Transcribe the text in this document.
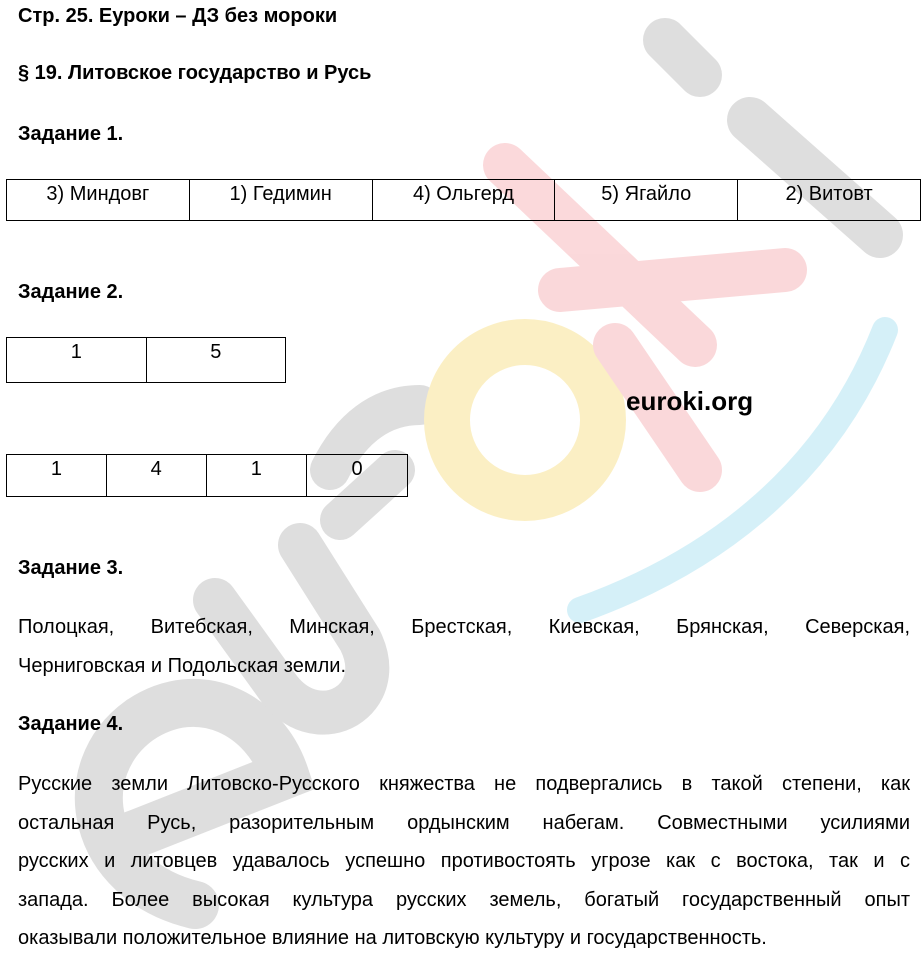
euroki.org
Стр. 25. Еуроки – ДЗ без мороки
§ 19. Литовское государство и Русь
Задание 1.
3) Миндовг	1) Гедимин	4) Ольгерд	5) Ягайло	2) Витовт
Задание 2.
1	5
1	4	1	0
Задание 3.
Полоцкая, Витебская, Минская, Брестская, Киевская, Брянская, Северская,
Черниговская и Подольская земли.
Задание 4.
Русские земли Литовско-Русского княжества не подвергались в такой степени, как
остальная Русь, разорительным ордынским набегам. Совместными усилиями
русских и литовцев удавалось успешно противостоять угрозе как с востока, так и с
запада. Более высокая культура русских земель, богатый государственный опыт
оказывали положительное влияние на литовскую культуру и государственность.
